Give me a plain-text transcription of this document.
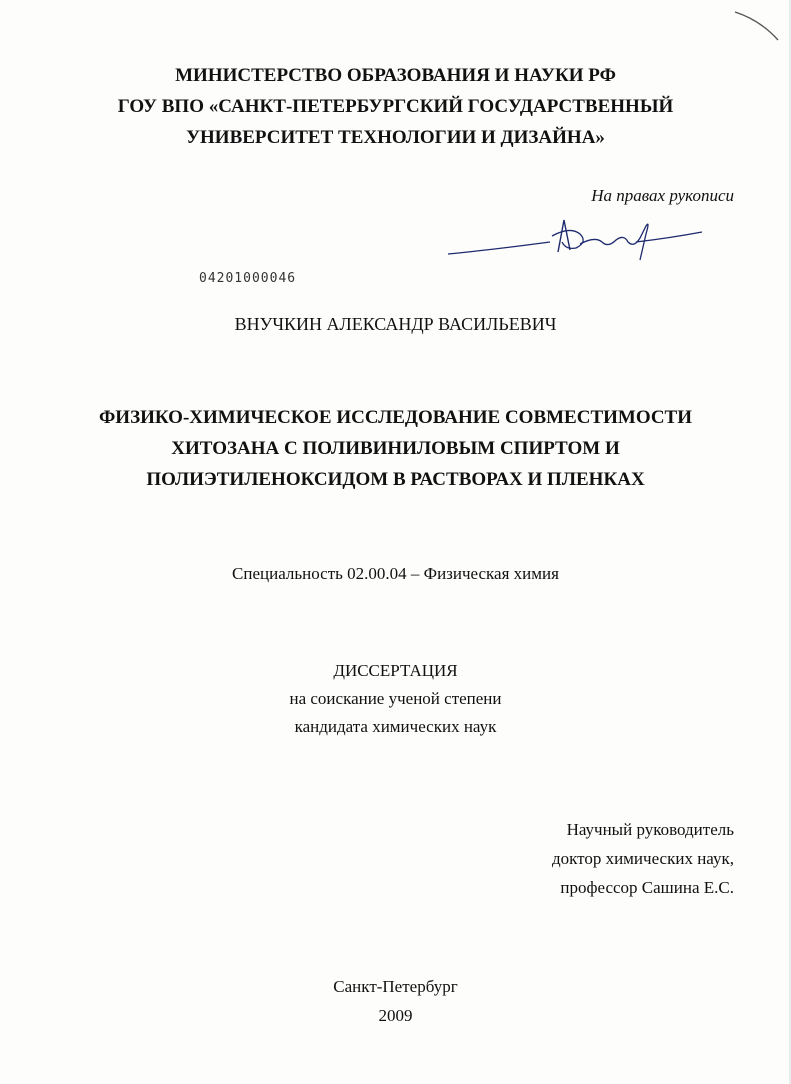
МИНИСТЕРСТВО ОБРАЗОВАНИЯ И НАУКИ РФ
ГОУ ВПО «САНКТ-ПЕТЕРБУРГСКИЙ ГОСУДАРСТВЕННЫЙ
УНИВЕРСИТЕТ ТЕХНОЛОГИИ И ДИЗАЙНА»
На правах рукописи
04201000046
ВНУЧКИН АЛЕКСАНДР ВАСИЛЬЕВИЧ
ФИЗИКО-ХИМИЧЕСКОЕ ИССЛЕДОВАНИЕ СОВМЕСТИМОСТИ
ХИТОЗАНА С ПОЛИВИНИЛОВЫМ СПИРТОМ И
ПОЛИЭТИЛЕНОКСИДОМ В РАСТВОРАХ И ПЛЕНКАХ
Специальность 02.00.04 – Физическая химия
ДИССЕРТАЦИЯ
на соискание ученой степени
кандидата химических наук
Научный руководитель
доктор химических наук,
профессор Сашина Е.С.
Санкт-Петербург
2009
